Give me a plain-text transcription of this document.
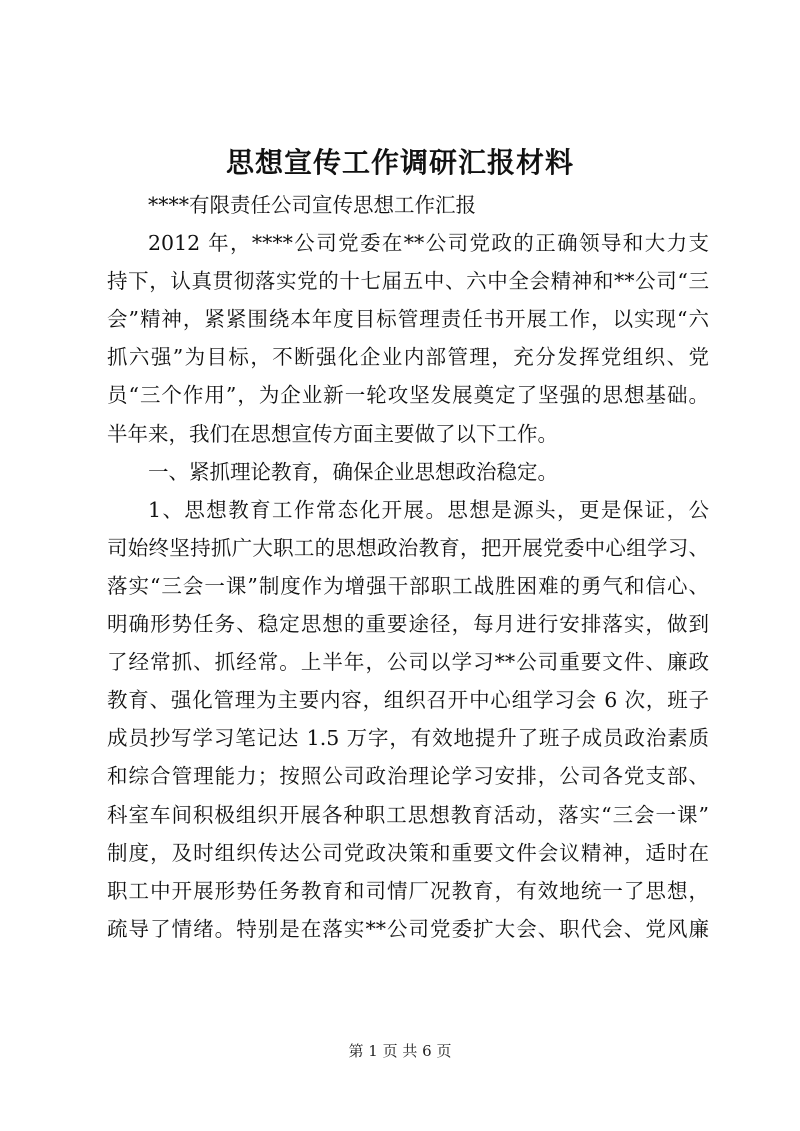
思想宣传工作调研汇报材料
****有限责任公司宣传思想工作汇报
2012 年，****公司党委在**公司党政的正确领导和大力支
持下，认真贯彻落实党的十七届五中、六中全会精神和**公司“三
会”精神，紧紧围绕本年度目标管理责任书开展工作，以实现“六
抓六强”为目标，不断强化企业内部管理，充分发挥党组织、党
员“三个作用”，为企业新一轮攻坚发展奠定了坚强的思想基础。
半年来，我们在思想宣传方面主要做了以下工作。
一、紧抓理论教育，确保企业思想政治稳定。
1、思想教育工作常态化开展。思想是源头，更是保证，公
司始终坚持抓广大职工的思想政治教育，把开展党委中心组学习、
落实“三会一课”制度作为增强干部职工战胜困难的勇气和信心、
明确形势任务、稳定思想的重要途径，每月进行安排落实，做到
了经常抓、抓经常。上半年，公司以学习**公司重要文件、廉政
教育、强化管理为主要内容，组织召开中心组学习会 6 次，班子
成员抄写学习笔记达 1.5 万字，有效地提升了班子成员政治素质
和综合管理能力；按照公司政治理论学习安排，公司各党支部、
科室车间积极组织开展各种职工思想教育活动，落实“三会一课”
制度，及时组织传达公司党政决策和重要文件会议精神，适时在
职工中开展形势任务教育和司情厂况教育，有效地统一了思想，
疏导了情绪。特别是在落实**公司党委扩大会、职代会、党风廉
第 1 页 共 6 页
